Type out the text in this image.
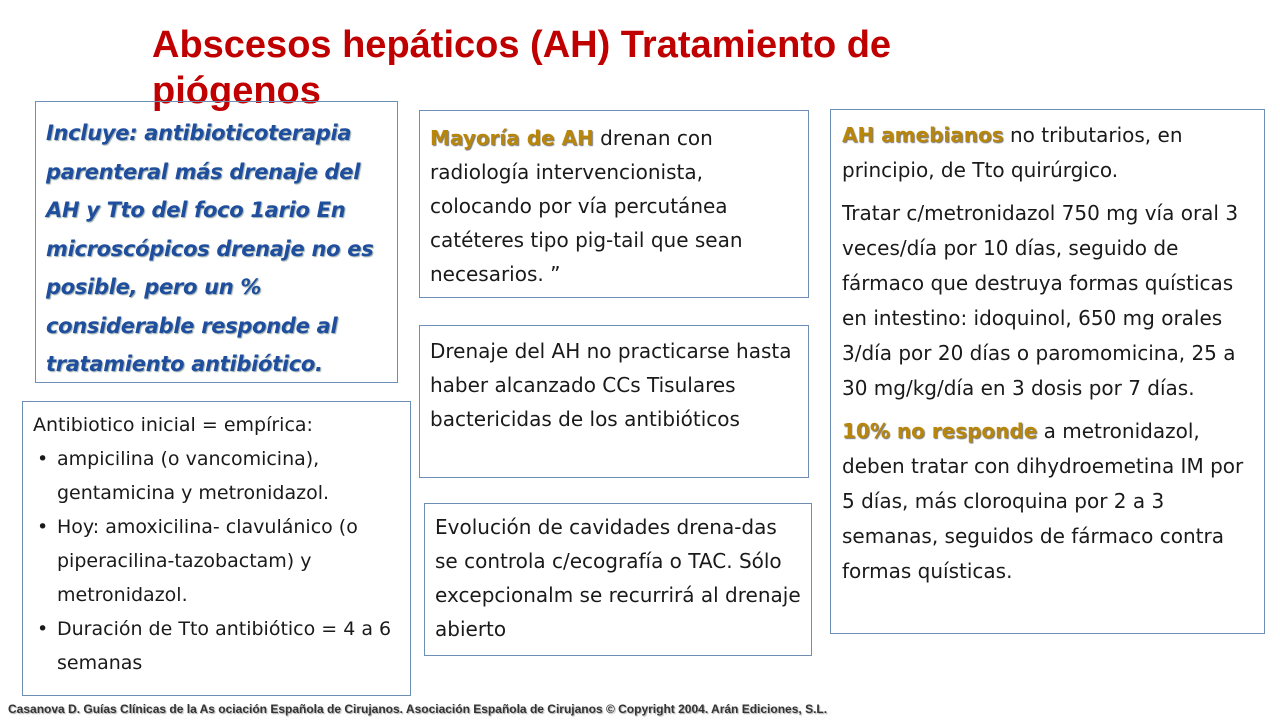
Abscesos hepáticos (AH) Tratamiento de piógenos

Incluye: antibioticoterapia parenteral más drenaje del AH y Tto del foco 1ario En microscópicos drenaje no es posible, pero un % considerable responde al tratamiento antibiótico.

Mayoría de AH drenan con radiología intervencionista, colocando por vía percutánea catéteres tipo pig-tail que sean necesarios. ”

Drenaje del AH no practicarse hasta haber alcanzado CCs Tisulares bactericidas de los antibióticos

Evolución de cavidades drena-das se controla c/ecografía o TAC. Sólo excepcionalm se recurrirá al drenaje abierto

AH amebianos no tributarios, en principio, de Tto quirúrgico.

Tratar c/metronidazol 750 mg vía oral 3 veces/día por 10 días, seguido de fármaco que destruya formas quísticas en intestino: idoquinol, 650 mg orales 3/día por 20 días o paromomicina, 25 a 30 mg/kg/día en 3 dosis por 7 días.

10% no responde a metronidazol, deben tratar con dihydroemetina IM por 5 días, más cloroquina por 2 a 3 semanas, seguidos de fármaco contra formas quísticas.

Antibiotico inicial = empírica:

• ampicilina (o vancomicina), gentamicina y metronidazol.
• Hoy: amoxicilina- clavulánico (o piperacilina-tazobactam) y metronidazol.
• Duración de Tto antibiótico = 4 a 6 semanas

Casanova D. Guías Clínicas de la As ociación Española de Cirujanos. Asociación Española de Cirujanos © Copyright 2004. Arán Ediciones, S.L.
